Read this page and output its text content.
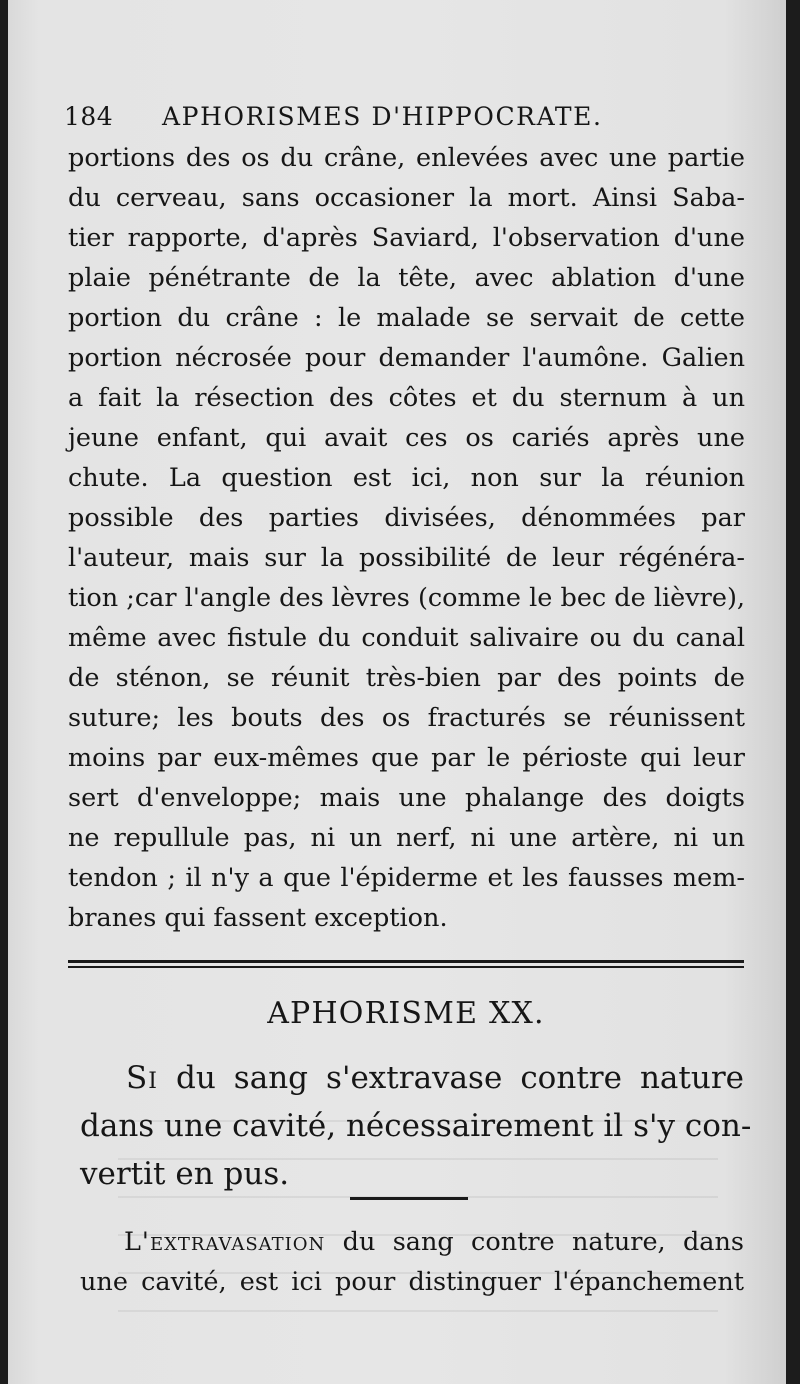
184 APHORISMES D'HIPPOCRATE.
portions des os du crâne, enlevées avec une partie
du cerveau, sans occasioner la mort. Ainsi Saba-
tier rapporte, d'après Saviard, l'observation d'une
plaie pénétrante de la tête, avec ablation d'une
portion du crâne : le malade se servait de cette
portion nécrosée pour demander l'aumône. Galien
a fait la résection des côtes et du sternum à un
jeune enfant, qui avait ces os cariés après une
chute. La question est ici, non sur la réunion
possible des parties divisées, dénommées par
l'auteur, mais sur la possibilité de leur régénéra-
tion ;car l'angle des lèvres (comme le bec de lièvre),
même avec fistule du conduit salivaire ou du canal
de sténon, se réunit très-bien par des points de
suture; les bouts des os fracturés se réunissent
moins par eux-mêmes que par le périoste qui leur
sert d'enveloppe; mais une phalange des doigts
ne repullule pas, ni un nerf, ni une artère, ni un
tendon ; il n'y a que l'épiderme et les fausses mem-
branes qui fassent exception.
APHORISME XX.
Si du sang s'extravase contre nature
dans une cavité, nécessairement il s'y con-
vertit en pus.
L'extravasation du sang contre nature, dans
une cavité, est ici pour distinguer l'épanchement
